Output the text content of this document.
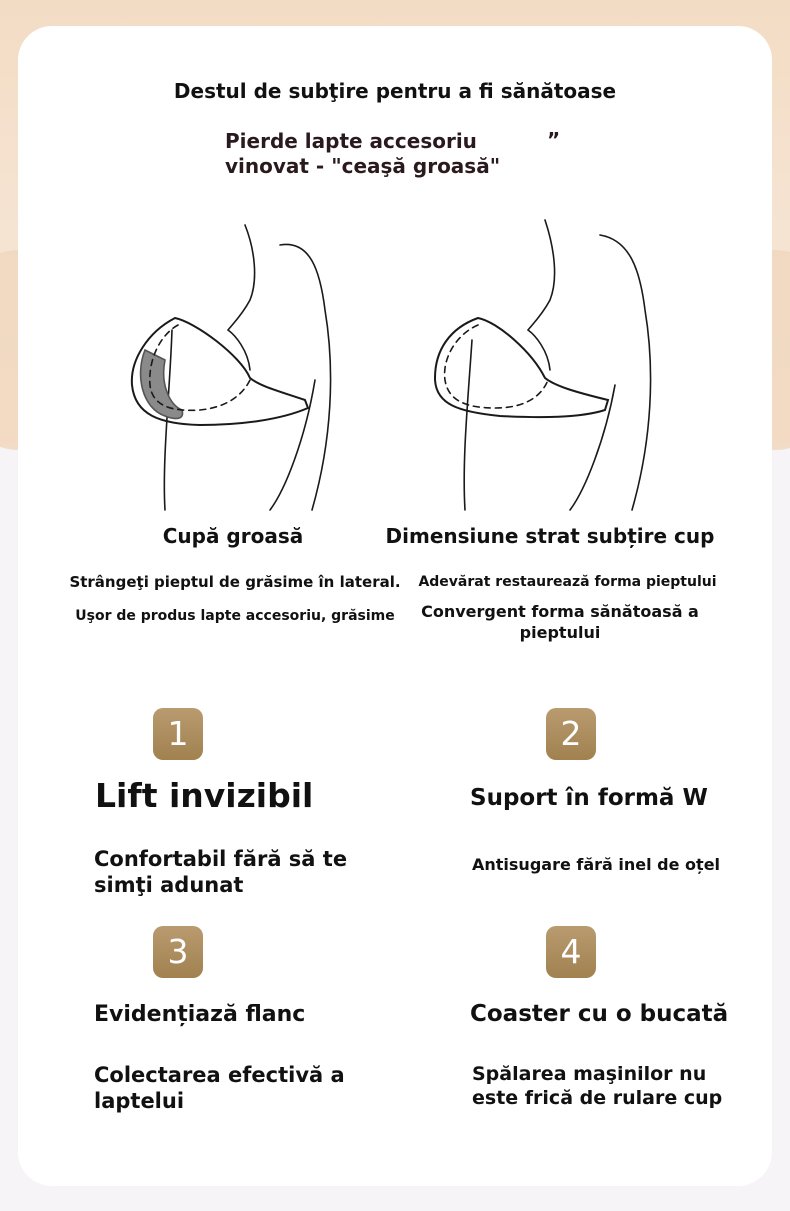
Destul de subţire pentru a fi sănătoase

Pierde lapte accesoriu vinovat - "ceaşă groasă"

”

Cupă groasă	Dimensiune strat subțire cup

Strângeţi pieptul de grăsime în lateral.

Uşor de produs lapte accesoriu, grăsime

Adevărat restaurează forma pieptului

Convergent forma sănătoasă a pieptului

1

Lift invizibil

Confortabil fără să te simţi adunat

2

Suport în formă W

Antisugare fără inel de oțel

3

Evidențiază flanc

Colectarea efectivă a laptelui

4

Coaster cu o bucată

Spălarea maşinilor nu este frică de rulare cup
